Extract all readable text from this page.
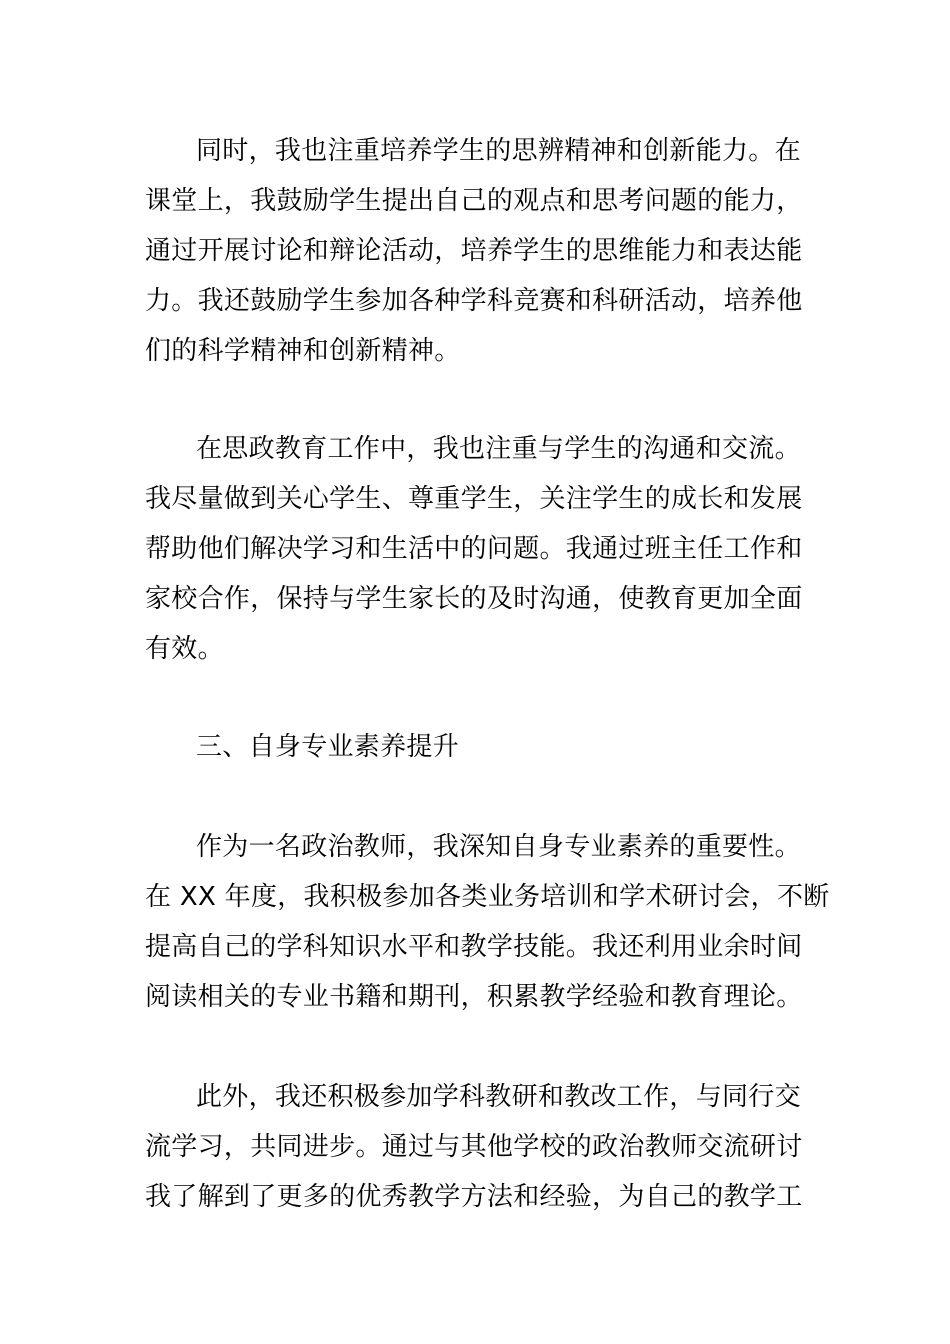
同时，我也注重培养学生的思辨精神和创新能力。在
课堂上，我鼓励学生提出自己的观点和思考问题的能力，
通过开展讨论和辩论活动，培养学生的思维能力和表达能
力。我还鼓励学生参加各种学科竞赛和科研活动，培养他
们的科学精神和创新精神。
在思政教育工作中，我也注重与学生的沟通和交流。
我尽量做到关心学生、尊重学生，关注学生的成长和发展
帮助他们解决学习和生活中的问题。我通过班主任工作和
家校合作，保持与学生家长的及时沟通，使教育更加全面
有效。
三、自身专业素养提升
作为一名政治教师，我深知自身专业素养的重要性。
在 XX 年度，我积极参加各类业务培训和学术研讨会，不断
提高自己的学科知识水平和教学技能。我还利用业余时间
阅读相关的专业书籍和期刊，积累教学经验和教育理论。
此外，我还积极参加学科教研和教改工作，与同行交
流学习，共同进步。通过与其他学校的政治教师交流研讨
我了解到了更多的优秀教学方法和经验，为自己的教学工
